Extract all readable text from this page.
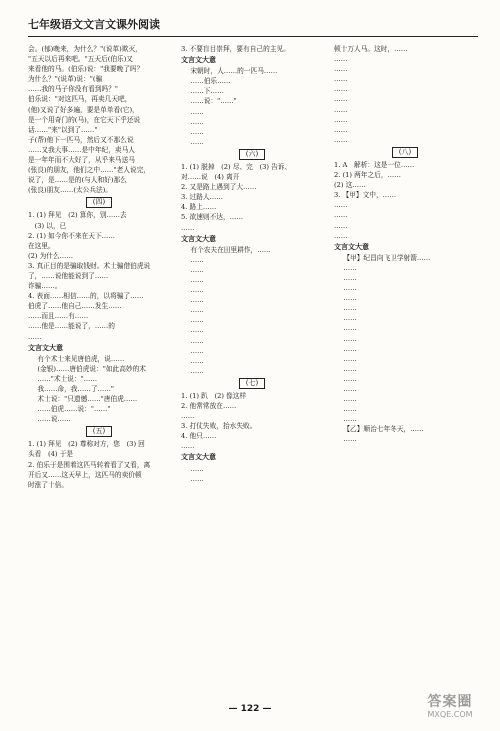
七年级语文文言文课外阅读

会。(郁)晚来，为什么？"(说革)欺灭，

"五天以后再来吧。"五天后(伯乐)又

来看他的马。(伯乐)说："我要晚了吗？

为什么？"(说革)说："(骗

……我的马子你没有看到吗？"

伯乐说："对这匹马，再卖几天吧，

(他)又说了好多遍，要是单单看(它)，

是一个用奇门的(马)，在它天下乎还说

话……"来"以到了……"

子(帮)他下一匹马，然后又不那么说

……又我大事……是中年纪，卖马人

是一年年而不大好了，从乎来马送马

(张良)的朋友，他们之中……"老人说完，

说了，是……是的(与人和好)那么

(张良)朋友……(太公兵法)。

(四)

1. (1) 拜见　(2) 算你，别……去

　(3) 以，已

2. (1) 如今你不来在天下……

在这里。

(2) 为什么……

3. 真正目的是骗取钱财。术士骗借伯虎说

了，……说他能说到了……

诈骗……。

4. 表面……相信……的，以将骗了……

伯虎了……他自己……发生……

……而且……有……

……他是……能说了，……的

……

文言文大意

有个术士来见唐伯虎，说……

(金银)……唐伯虎说："如此高妙的术

……"术士说："……

我……命，我……了……"

术士说："只遗憾……"唐伯虎……

……伯虎……说："……"

……说……

(五)

1. (1) 拜见　(2) 尊称对方，您　(3) 回

头看　(4) 于是

2. 伯乐于是围着这匹马转着看了又看，离

开后又……这天早上，这匹马的卖价顿

时涨了十倍。

3. 不要盲目崇拜，要有自己的主见。

文言文大意

宋朝时，人……的一匹马……

……伯乐……

……下……

……说："……"

……

……

……

……

(六)

1. (1) 脱掉　(2) 尽、完　(3) 告诉、

对……说　(4) 离开

2. 又是路上遇到了大……

3. 过路人……

4. 路上……

5. 欲速则不达，……

……

文言文大意

有个农夫在田里耕作，……

……

……

……

……

……

……

……

……

……

……

……

……

(七)

1. (1) 趴　(2) 像这样

2. 他常常放在……

……

3. 打仗失败，抬水失败。

4. 他只……

……

文言文大意

……

……

顿十万人马。这时，……

……

……

……

……

……

……

……

……

……

(八)

1. A　解析：这是一位……

2. (1) 两年之后，……

(2) 这……

3. 【甲】文中，……

……

……

……

……

文言文大意

【甲】纪昌向飞卫学射箭……

……

……

……

……

……

……

……

……

……

……

……

……

……

……

……

……

【乙】顺治七年冬天，……

……

— 122 —	答案圈
MXQE.COM
